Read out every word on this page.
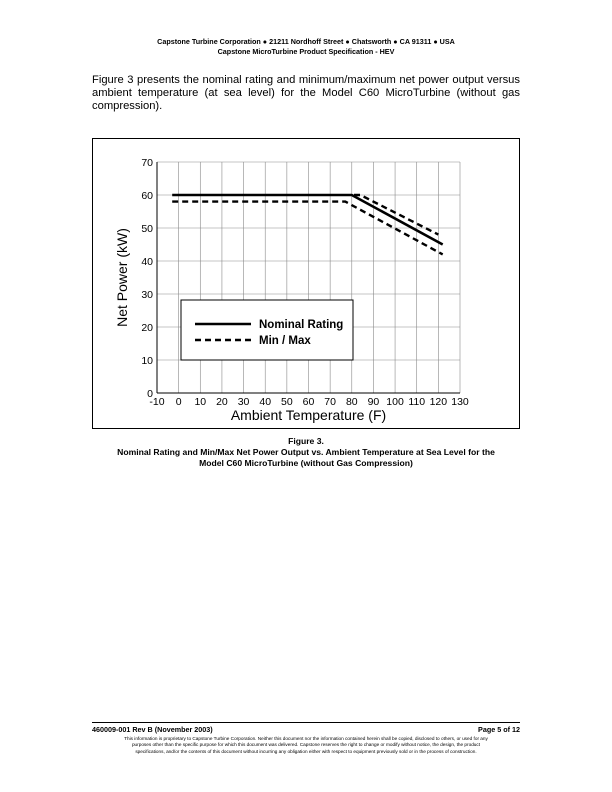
Capstone Turbine Corporation ● 21211 Nordhoff Street ● Chatsworth ● CA 91311 ● USA
Capstone MicroTurbine Product Specification - HEV
Figure 3 presents the nominal rating and minimum/maximum net power output versus ambient temperature (at sea level) for the Model C60 MicroTurbine (without gas compression).
-10 0 10 20 30 40 50 60 70 80 90 100 110 120 130
0
10
20
30
40
50
60
70
Ambient Temperature (F)
Net Power (kW)	Nominal Rating
Min / Max
Figure 3.
Nominal Rating and Min/Max Net Power Output vs. Ambient Temperature at Sea Level for the
Model C60 MicroTurbine (without Gas Compression)
460009-001 Rev B (November 2003)	Page 5 of 12
This information is proprietary to Capstone Turbine Corporation. Neither this document nor the information contained herein shall be copied, disclosed to others, or used for any
purposes other than the specific purpose for which this document was delivered. Capstone reserves the right to change or modify without notice, the design, the product
specifications, and/or the contents of this document without incurring any obligation either with respect to equipment previously sold or in the process of construction.
